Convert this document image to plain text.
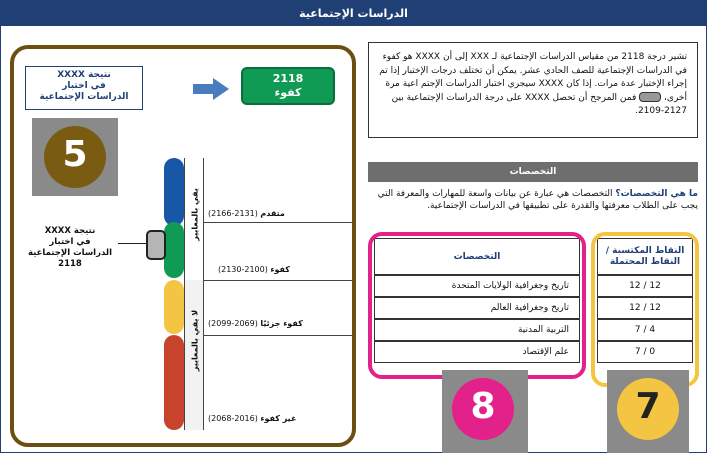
الدراسات الإجتماعية
نتيجة XXXX
في اختبار
الدراسات الإجتماعية
2118
كفوء
5
يفي بالمعايير
لا يفي بالمعايير
متقدم (2131-2166)
كفوء (2100-2130)
كفوء جزئيًا (2069-2099)
غير كفوء (2016-2068)
نتيجة XXXX
في اختبار
الدراسات الإجتماعية
2118
تشير درجة 2118 من مقياس الدراسات الإجتماعية لـ XXX إلى أن XXXX هو كفوء في الدراسات الإجتماعية للصف الحادي عشر. يمكن أن تختلف درجات الإختبار إذا تم إجراء الإختبار عدة مرات. إذا كان XXXX سيجري اختبار الدراسات الإجتم اعية مرة أخرى،  فمن المرجح أن تحصل XXXX على درجة الدراسات الإجتماعية بين 2127-2109.
التخصصات
ما هي التخصصات؟ التخصصات هي عبارة عن بيانات واسعة للمهارات والمعرفة التي يجب على الطلاب معرفتها والقدرة على تطبيقها في الدراسات الإجتماعية.
التخصصات
النقاط المكتسبة / النقاط المحتملة
تاريخ وجغرافية الولايات المتحدة	12 / 12
تاريخ وجغرافية العالم	12 / 12
التربية المدنية	4 / 7
علم الإقتصاد	0 / 7
8	7
